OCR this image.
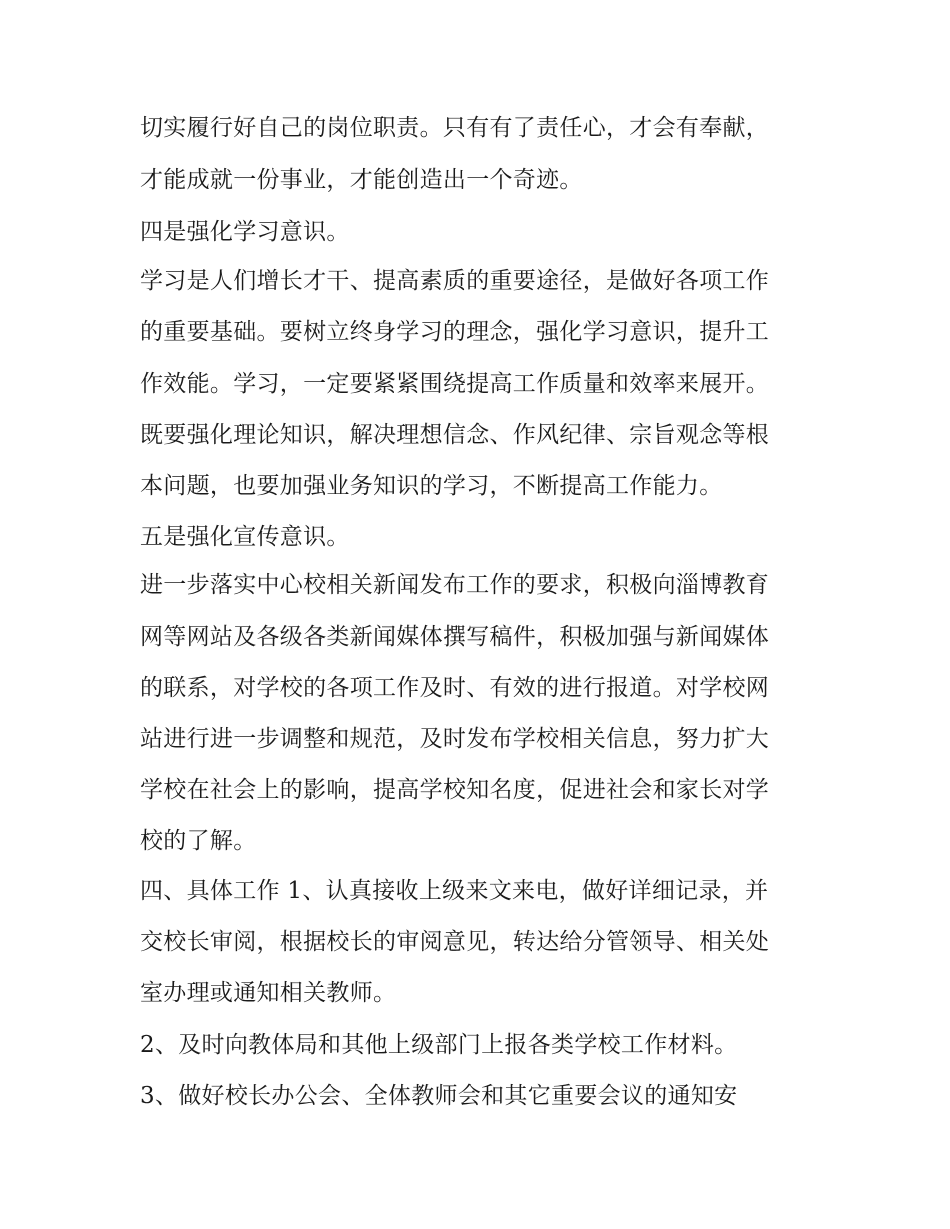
切实履行好自己的岗位职责。只有有了责任心，才会有奉献，

才能成就一份事业，才能创造出一个奇迹。

四是强化学习意识。

学习是人们增长才干、提高素质的重要途径，是做好各项工作

的重要基础。要树立终身学习的理念，强化学习意识，提升工

作效能。学习，一定要紧紧围绕提高工作质量和效率来展开。

既要强化理论知识，解决理想信念、作风纪律、宗旨观念等根

本问题，也要加强业务知识的学习，不断提高工作能力。

五是强化宣传意识。

进一步落实中心校相关新闻发布工作的要求，积极向淄博教育

网等网站及各级各类新闻媒体撰写稿件，积极加强与新闻媒体

的联系，对学校的各项工作及时、有效的进行报道。对学校网

站进行进一步调整和规范，及时发布学校相关信息，努力扩大

学校在社会上的影响，提高学校知名度，促进社会和家长对学

校的了解。

四、具体工作 1、认真接收上级来文来电，做好详细记录，并

交校长审阅，根据校长的审阅意见，转达给分管领导、相关处

室办理或通知相关教师。

2、及时向教体局和其他上级部门上报各类学校工作材料。

3、做好校长办公会、全体教师会和其它重要会议的通知安
